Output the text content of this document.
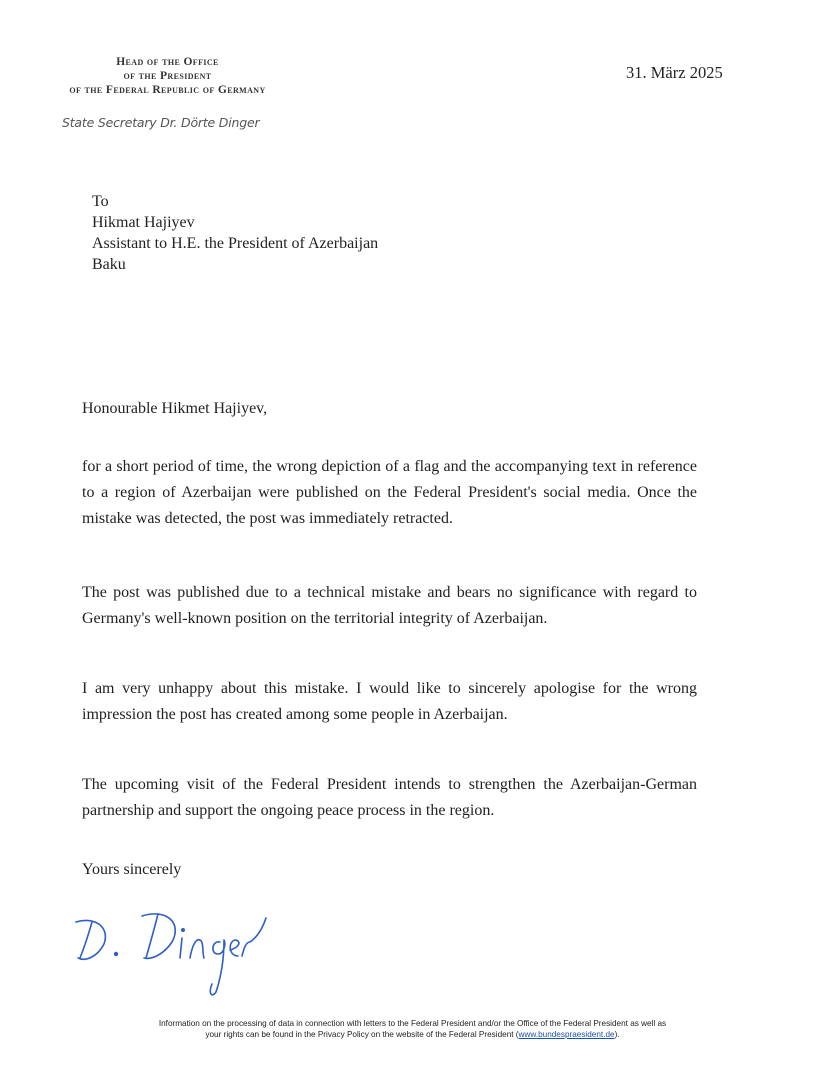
Head of the Office
of the President
of the Federal Republic of Germany
State Secretary Dr. Dörte Dinger
31. März 2025
To
Hikmat Hajiyev
Assistant to H.E. the President of Azerbaijan
Baku
Honourable Hikmet Hajiyev,
for a short period of time, the wrong depiction of a flag and the accompanying text in reference to a region of Azerbaijan were published on the Federal President's social media. Once the mistake was detected, the post was immediately retracted.
The post was published due to a technical mistake and bears no significance with regard to Germany's well-known position on the territorial integrity of Azerbaijan.
I am very unhappy about this mistake. I would like to sincerely apologise for the wrong impression the post has created among some people in Azerbaijan.
The upcoming visit of the Federal President intends to strengthen the Azerbaijan-German partnership and support the ongoing peace process in the region.
Yours sincerely
Information on the processing of data in connection with letters to the Federal President and/or the Office of the Federal President as well as
your rights can be found in the Privacy Policy on the website of the Federal President (www.bundespraesident.de).
